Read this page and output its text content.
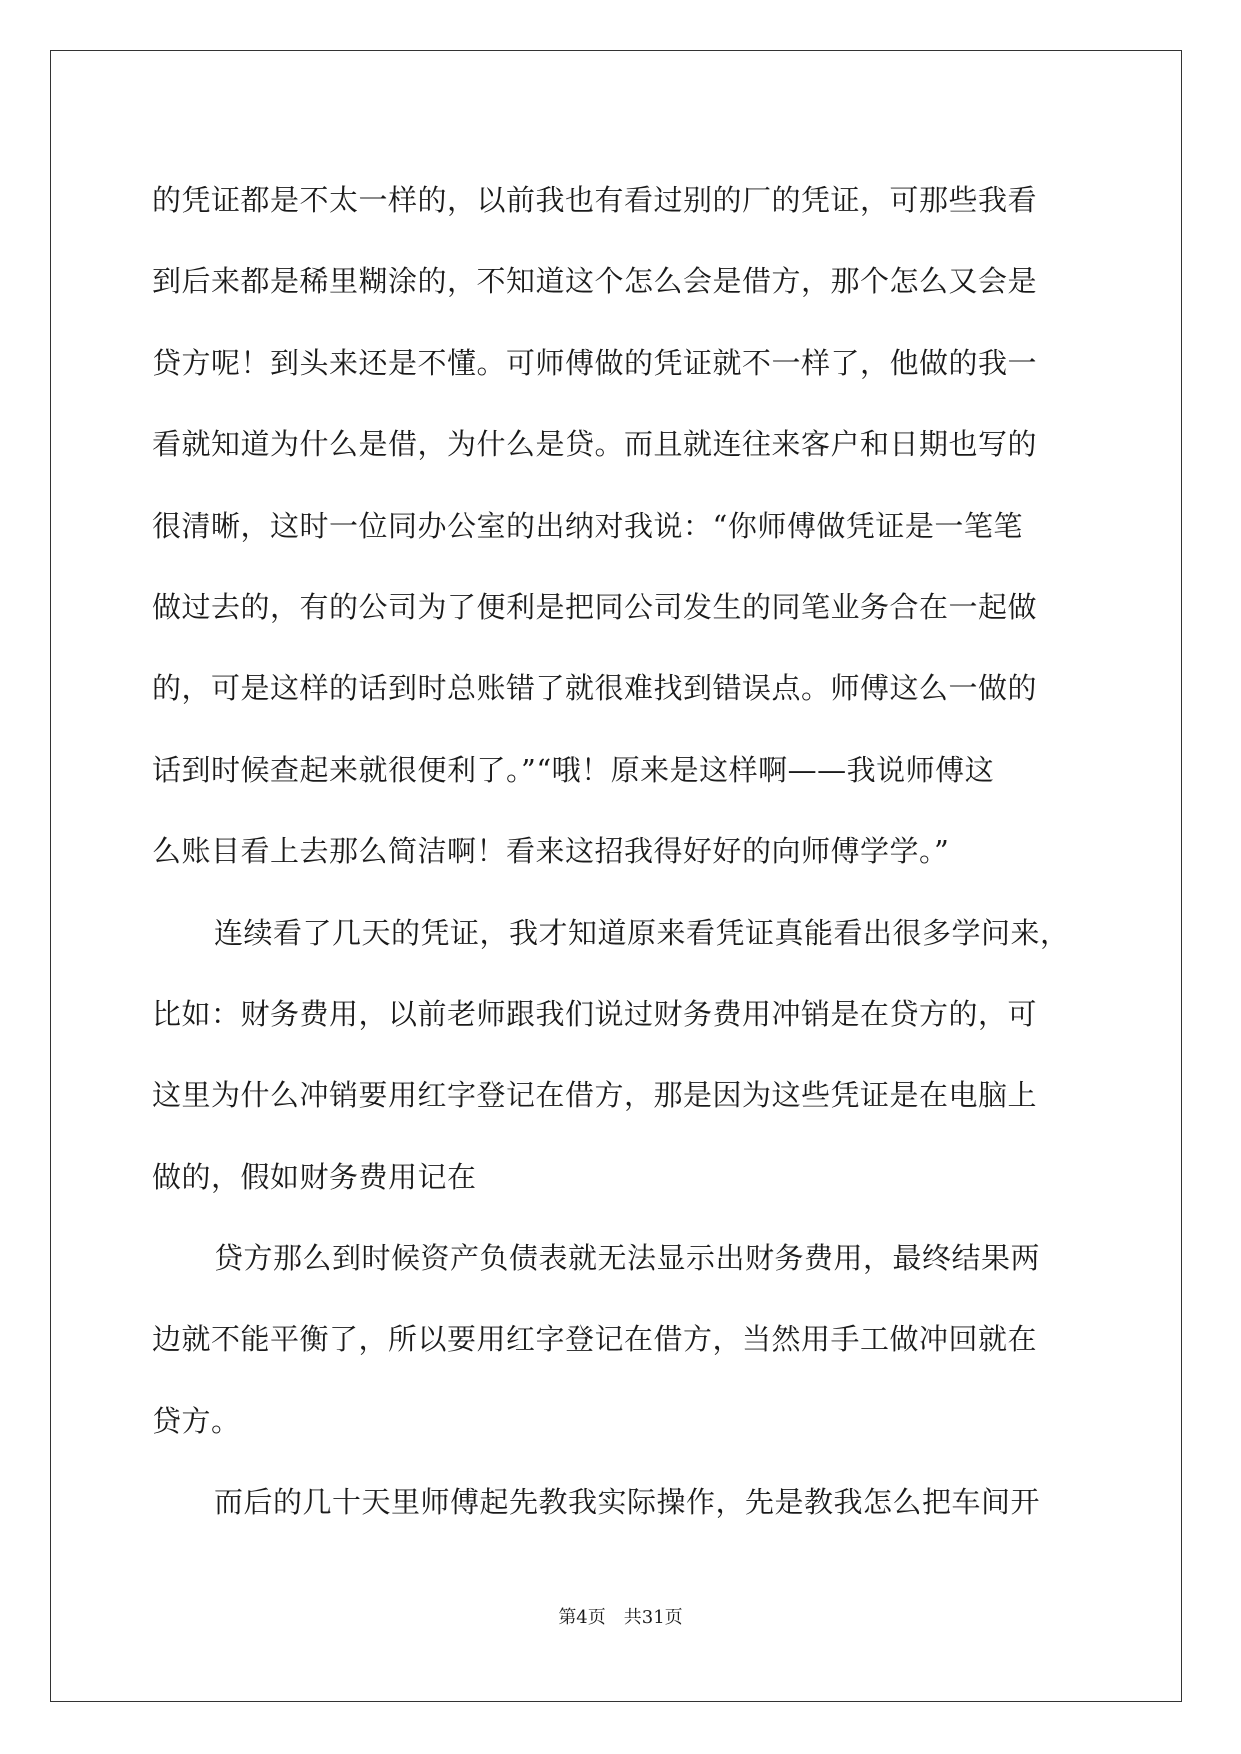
的凭证都是不太一样的，以前我也有看过别的厂的凭证，可那些我看
到后来都是稀里糊涂的，不知道这个怎么会是借方，那个怎么又会是
贷方呢！到头来还是不懂。可师傅做的凭证就不一样了，他做的我一
看就知道为什么是借，为什么是贷。而且就连往来客户和日期也写的
很清晰，这时一位同办公室的出纳对我说：“你师傅做凭证是一笔笔
做过去的，有的公司为了便利是把同公司发生的同笔业务合在一起做
的，可是这样的话到时总账错了就很难找到错误点。师傅这么一做的
话到时候查起来就很便利了。”“哦！原来是这样啊——我说师傅这
么账目看上去那么简洁啊！看来这招我得好好的向师傅学学。”
连续看了几天的凭证，我才知道原来看凭证真能看出很多学问来，
比如：财务费用，以前老师跟我们说过财务费用冲销是在贷方的，可
这里为什么冲销要用红字登记在借方，那是因为这些凭证是在电脑上
做的，假如财务费用记在
贷方那么到时候资产负债表就无法显示出财务费用，最终结果两
边就不能平衡了，所以要用红字登记在借方，当然用手工做冲回就在
贷方。
而后的几十天里师傅起先教我实际操作，先是教我怎么把车间开
第4页 共31页
